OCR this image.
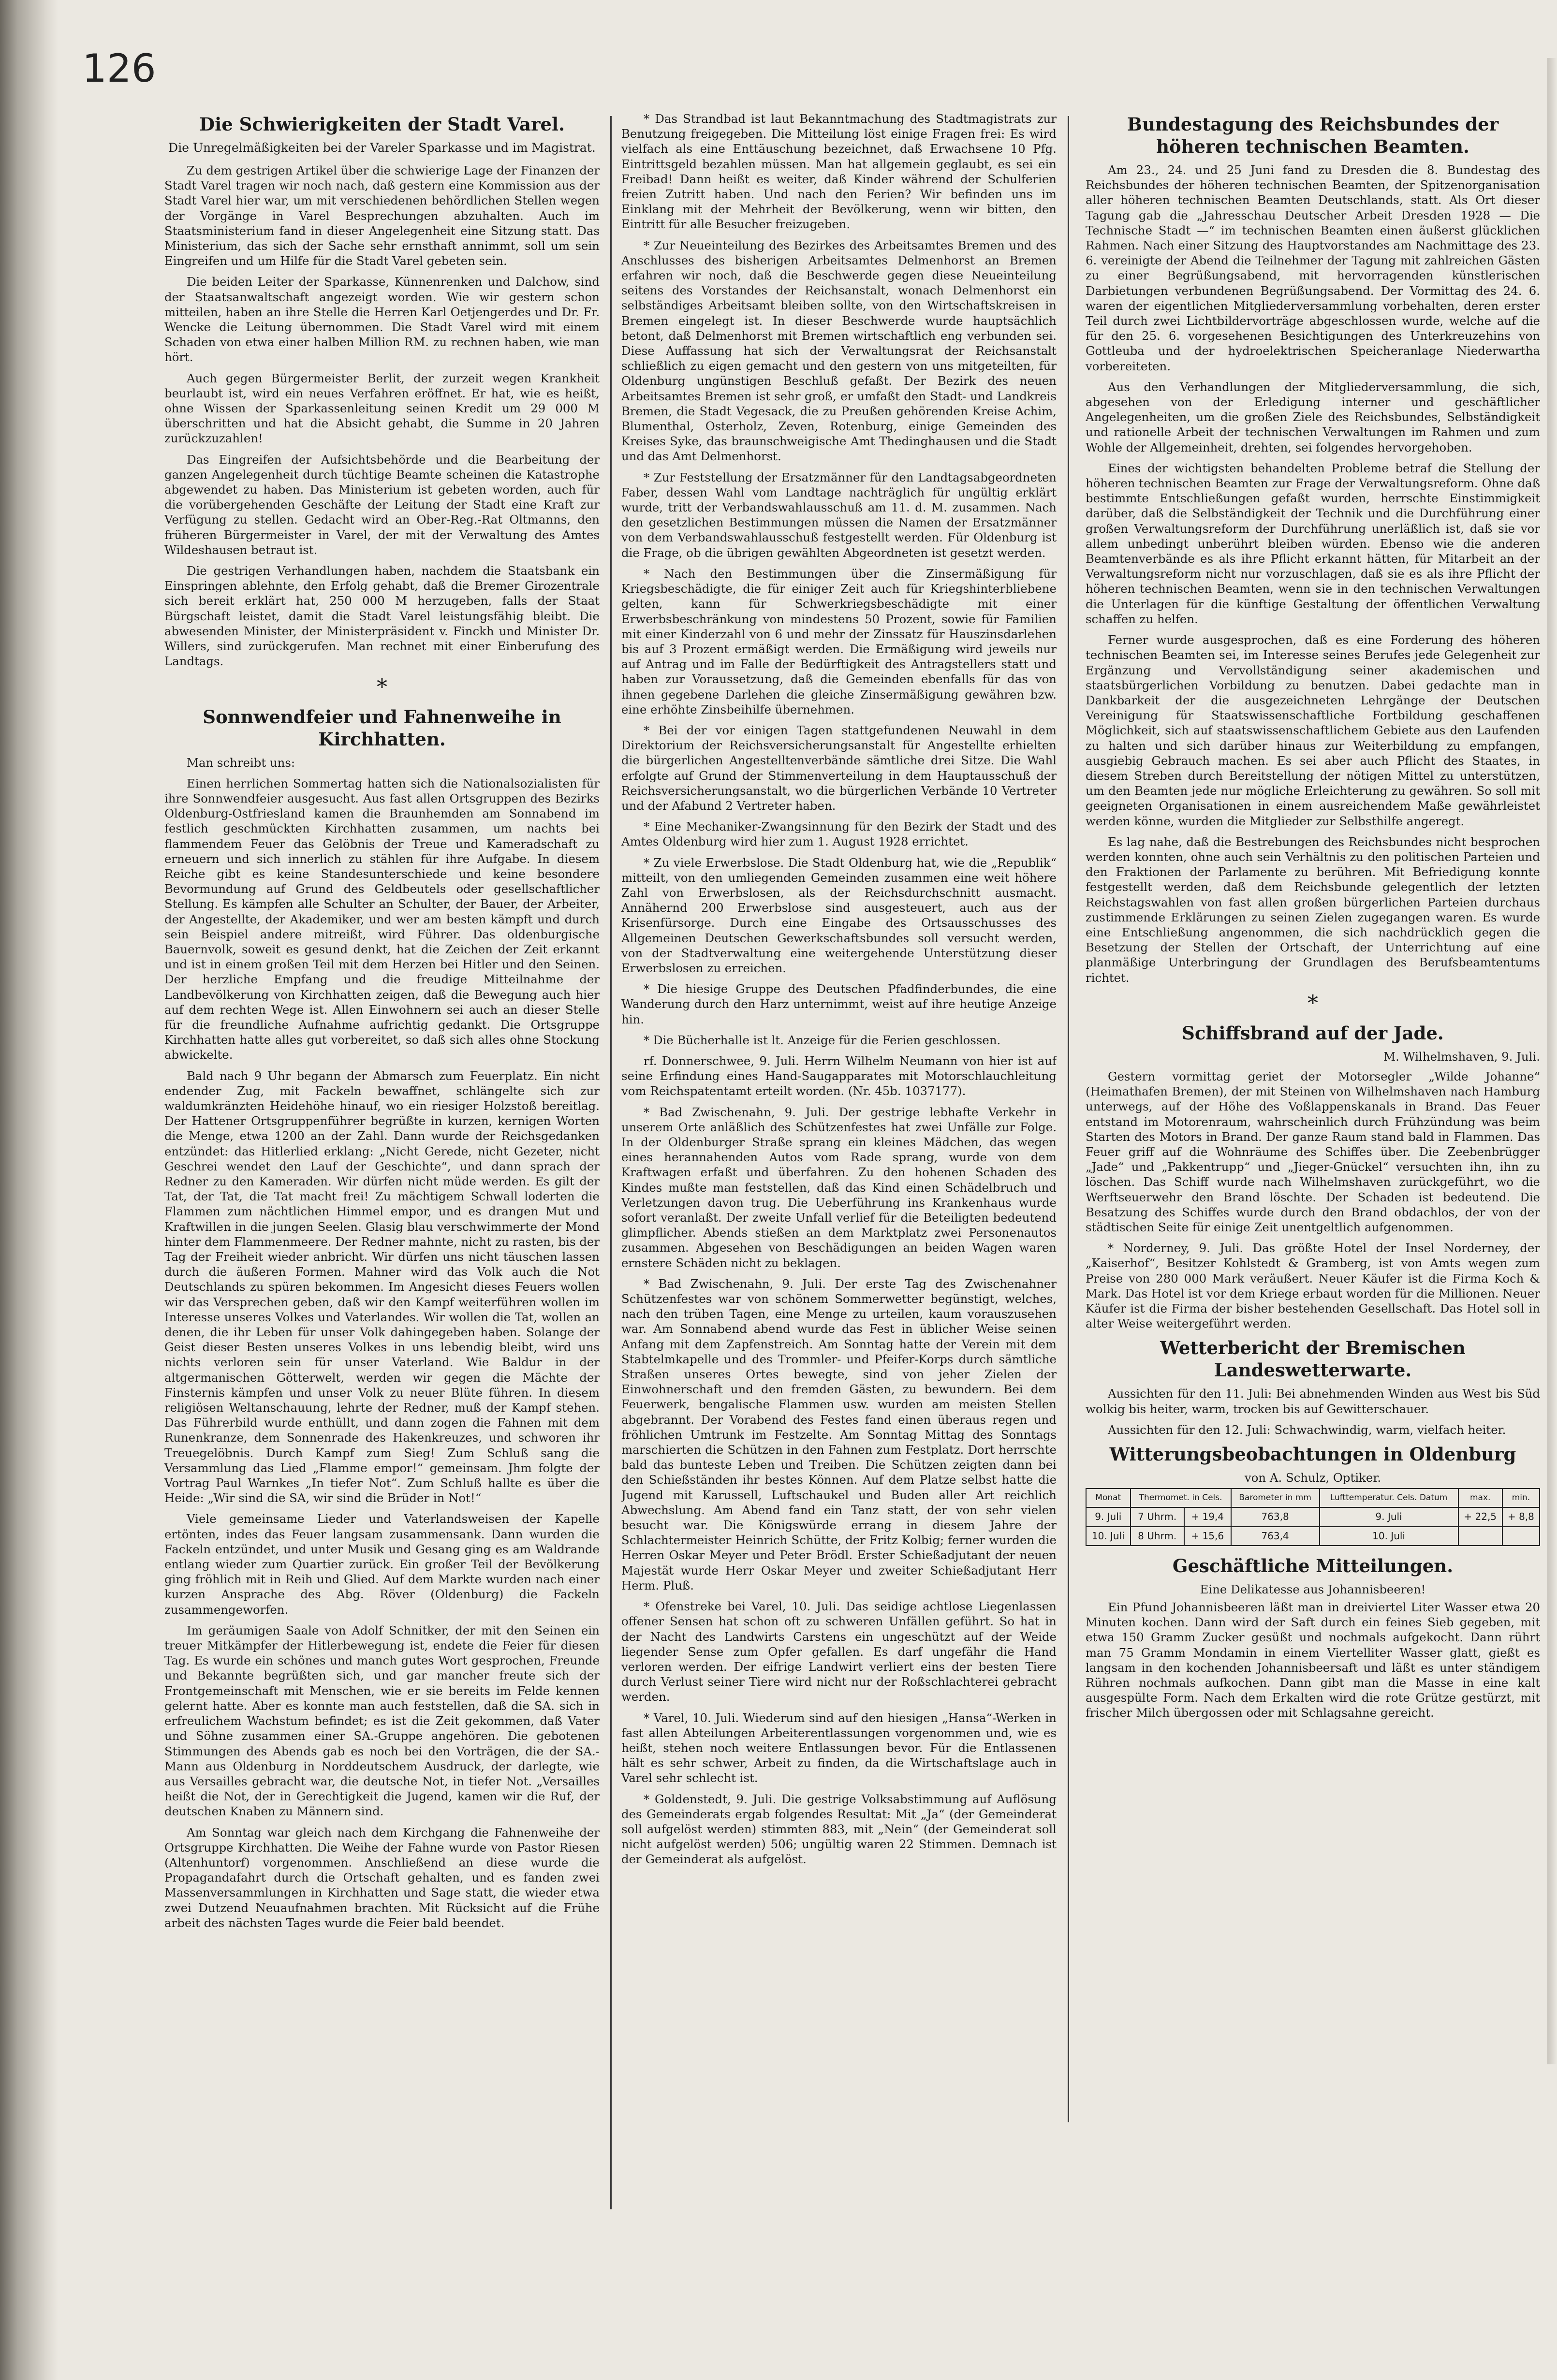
126
Die Schwierigkeiten der Stadt Varel.
Die Unregelmäßigkeiten bei der Vareler Sparkasse und im Magistrat.

Zu dem gestrigen Artikel über die schwierige Lage der Finanzen der Stadt Varel tragen wir noch nach, daß gestern eine Kommission aus der Stadt Varel hier war, um mit verschiedenen behördlichen Stellen wegen der Vorgänge in Varel Besprechungen abzuhalten. Auch im Staatsministerium fand in dieser Angelegenheit eine Sitzung statt. Das Ministerium, das sich der Sache sehr ernsthaft annimmt, soll um sein Eingreifen und um Hilfe für die Stadt Varel gebeten sein.

Die beiden Leiter der Sparkasse, Künnenrenken und Dalchow, sind der Staatsanwaltschaft angezeigt worden. Wie wir gestern schon mitteilen, haben an ihre Stelle die Herren Karl Oetjengerdes und Dr. Fr. Wencke die Leitung übernommen. Die Stadt Varel wird mit einem Schaden von etwa einer halben Million RM. zu rechnen haben, wie man hört.

Auch gegen Bürgermeister Berlit, der zurzeit wegen Krankheit beurlaubt ist, wird ein neues Verfahren eröffnet. Er hat, wie es heißt, ohne Wissen der Sparkassenleitung seinen Kredit um 29 000 M überschritten und hat die Absicht gehabt, die Summe in 20 Jahren zurückzuzahlen!

Das Eingreifen der Aufsichtsbehörde und die Bearbeitung der ganzen Angelegenheit durch tüchtige Beamte scheinen die Katastrophe abgewendet zu haben. Das Ministerium ist gebeten worden, auch für die vorübergehenden Geschäfte der Leitung der Stadt eine Kraft zur Verfügung zu stellen. Gedacht wird an Ober-Reg.-Rat Oltmanns, den früheren Bürgermeister in Varel, der mit der Verwaltung des Amtes Wildeshausen betraut ist.

Die gestrigen Verhandlungen haben, nachdem die Staatsbank ein Einspringen ablehnte, den Erfolg gehabt, daß die Bremer Girozentrale sich bereit erklärt hat, 250 000 M herzugeben, falls der Staat Bürgschaft leistet, damit die Stadt Varel leistungsfähig bleibt. Die abwesenden Minister, der Ministerpräsident v. Finckh und Minister Dr. Willers, sind zurückgerufen. Man rechnet mit einer Einberufung des Landtags.

*
Sonnwendfeier und Fahnenweihe in Kirchhatten.

Man schreibt uns:

Einen herrlichen Sommertag hatten sich die Nationalsozialisten für ihre Sonnwendfeier ausgesucht. Aus fast allen Ortsgruppen des Bezirks Oldenburg-Ostfriesland kamen die Braunhemden am Sonnabend im festlich geschmückten Kirchhatten zusammen, um nachts bei flammendem Feuer das Gelöbnis der Treue und Kameradschaft zu erneuern und sich innerlich zu stählen für ihre Aufgabe. In diesem Reiche gibt es keine Standesunterschiede und keine besondere Bevormundung auf Grund des Geldbeutels oder gesellschaftlicher Stellung. Es kämpfen alle Schulter an Schulter, der Bauer, der Arbeiter, der Angestellte, der Akademiker, und wer am besten kämpft und durch sein Beispiel andere mitreißt, wird Führer. Das oldenburgische Bauernvolk, soweit es gesund denkt, hat die Zeichen der Zeit erkannt und ist in einem großen Teil mit dem Herzen bei Hitler und den Seinen. Der herzliche Empfang und die freudige Mitteilnahme der Landbevölkerung von Kirchhatten zeigen, daß die Bewegung auch hier auf dem rechten Wege ist. Allen Einwohnern sei auch an dieser Stelle für die freundliche Aufnahme aufrichtig gedankt. Die Ortsgruppe Kirchhatten hatte alles gut vorbereitet, so daß sich alles ohne Stockung abwickelte.

Bald nach 9 Uhr begann der Abmarsch zum Feuerplatz. Ein nicht endender Zug, mit Fackeln bewaffnet, schlängelte sich zur waldumkränzten Heidehöhe hinauf, wo ein riesiger Holzstoß bereitlag. Der Hattener Ortsgruppenführer begrüßte in kurzen, kernigen Worten die Menge, etwa 1200 an der Zahl. Dann wurde der Reichsgedanken entzündet: das Hitlerlied erklang: „Nicht Gerede, nicht Gezeter, nicht Geschrei wendet den Lauf der Geschichte“, und dann sprach der Redner zu den Kameraden. Wir dürfen nicht müde werden. Es gilt der Tat, der Tat, die Tat macht frei! Zu mächtigem Schwall loderten die Flammen zum nächtlichen Himmel empor, und es drangen Mut und Kraftwillen in die jungen Seelen. Glasig blau verschwimmerte der Mond hinter dem Flammenmeere. Der Redner mahnte, nicht zu rasten, bis der Tag der Freiheit wieder anbricht. Wir dürfen uns nicht täuschen lassen durch die äußeren Formen. Mahner wird das Volk auch die Not Deutschlands zu spüren bekommen. Im Angesicht dieses Feuers wollen wir das Versprechen geben, daß wir den Kampf weiterführen wollen im Interesse unseres Volkes und Vaterlandes. Wir wollen die Tat, wollen an denen, die ihr Leben für unser Volk dahingegeben haben. Solange der Geist dieser Besten unseres Volkes in uns lebendig bleibt, wird uns nichts verloren sein für unser Vaterland. Wie Baldur in der altgermanischen Götterwelt, werden wir gegen die Mächte der Finsternis kämpfen und unser Volk zu neuer Blüte führen. In diesem religiösen Weltanschauung, lehrte der Redner, muß der Kampf stehen. Das Führerbild wurde enthüllt, und dann zogen die Fahnen mit dem Runenkranze, dem Sonnenrade des Hakenkreuzes, und schworen ihr Treuegelöbnis. Durch Kampf zum Sieg! Zum Schluß sang die Versammlung das Lied „Flamme empor!“ gemeinsam. Jhm folgte der Vortrag Paul Warnkes „In tiefer Not“. Zum Schluß hallte es über die Heide: „Wir sind die SA, wir sind die Brüder in Not!“

Viele gemeinsame Lieder und Vaterlandsweisen der Kapelle ertönten, indes das Feuer langsam zusammensank. Dann wurden die Fackeln entzündet, und unter Musik und Gesang ging es am Waldrande entlang wieder zum Quartier zurück. Ein großer Teil der Bevölkerung ging fröhlich mit in Reih und Glied. Auf dem Markte wurden nach einer kurzen Ansprache des Abg. Röver (Oldenburg) die Fackeln zusammengeworfen.

Im geräumigen Saale von Adolf Schnitker, der mit den Seinen ein treuer Mitkämpfer der Hitlerbewegung ist, endete die Feier für diesen Tag. Es wurde ein schönes und manch gutes Wort gesprochen, Freunde und Bekannte begrüßten sich, und gar mancher freute sich der Frontgemeinschaft mit Menschen, wie er sie bereits im Felde kennen gelernt hatte. Aber es konnte man auch feststellen, daß die SA. sich in erfreulichem Wachstum befindet; es ist die Zeit gekommen, daß Vater und Söhne zusammen einer SA.-Gruppe angehören. Die gebotenen Stimmungen des Abends gab es noch bei den Vorträgen, die der SA.-Mann aus Oldenburg in Norddeutschem Ausdruck, der darlegte, wie aus Versailles gebracht war, die deutsche Not, in tiefer Not. „Versailles heißt die Not, der in Gerechtigkeit die Jugend, kamen wir die Ruf, der deutschen Knaben zu Männern sind.

Am Sonntag war gleich nach dem Kirchgang die Fahnenweihe der Ortsgruppe Kirchhatten. Die Weihe der Fahne wurde von Pastor Riesen (Altenhuntorf) vorgenommen. Anschließend an diese wurde die Propagandafahrt durch die Ortschaft gehalten, und es fanden zwei Massenversammlungen in Kirchhatten und Sage statt, die wieder etwa zwei Dutzend Neuaufnahmen brachten. Mit Rücksicht auf die Frühe arbeit des nächsten Tages wurde die Feier bald beendet.

* Das Strandbad ist laut Bekanntmachung des Stadtmagistrats zur Benutzung freigegeben. Die Mitteilung löst einige Fragen frei: Es wird vielfach als eine Enttäuschung bezeichnet, daß Erwachsene 10 Pfg. Eintrittsgeld bezahlen müssen. Man hat allgemein geglaubt, es sei ein Freibad! Dann heißt es weiter, daß Kinder während der Schulferien freien Zutritt haben. Und nach den Ferien? Wir befinden uns im Einklang mit der Mehrheit der Bevölkerung, wenn wir bitten, den Eintritt für alle Besucher freizugeben.

* Zur Neueinteilung des Bezirkes des Arbeitsamtes Bremen und des Anschlusses des bisherigen Arbeitsamtes Delmenhorst an Bremen erfahren wir noch, daß die Beschwerde gegen diese Neueinteilung seitens des Vorstandes der Reichsanstalt, wonach Delmenhorst ein selbständiges Arbeitsamt bleiben sollte, von den Wirtschaftskreisen in Bremen eingelegt ist. In dieser Beschwerde wurde hauptsächlich betont, daß Delmenhorst mit Bremen wirtschaftlich eng verbunden sei. Diese Auffassung hat sich der Verwaltungsrat der Reichsanstalt schließlich zu eigen gemacht und den gestern von uns mitgeteilten, für Oldenburg ungünstigen Beschluß gefaßt. Der Bezirk des neuen Arbeitsamtes Bremen ist sehr groß, er umfaßt den Stadt- und Landkreis Bremen, die Stadt Vegesack, die zu Preußen gehörenden Kreise Achim, Blumenthal, Osterholz, Zeven, Rotenburg, einige Gemeinden des Kreises Syke, das braunschweigische Amt Thedinghausen und die Stadt und das Amt Delmenhorst.

* Zur Feststellung der Ersatzmänner für den Landtagsabgeordneten Faber, dessen Wahl vom Landtage nachträglich für ungültig erklärt wurde, tritt der Verbandswahlausschuß am 11. d. M. zusammen. Nach den gesetzlichen Bestimmungen müssen die Namen der Ersatzmänner von dem Verbandswahlausschuß festgestellt werden. Für Oldenburg ist die Frage, ob die übrigen gewählten Abgeordneten ist gesetzt werden.

* Nach den Bestimmungen über die Zinsermäßigung für Kriegsbeschädigte, die für einiger Zeit auch für Kriegshinterbliebene gelten, kann für Schwerkriegsbeschädigte mit einer Erwerbsbeschränkung von mindestens 50 Prozent, sowie für Familien mit einer Kinderzahl von 6 und mehr der Zinssatz für Hauszinsdarlehen bis auf 3 Prozent ermäßigt werden. Die Ermäßigung wird jeweils nur auf Antrag und im Falle der Bedürftigkeit des Antragstellers statt und haben zur Voraussetzung, daß die Gemeinden ebenfalls für das von ihnen gegebene Darlehen die gleiche Zinsermäßigung gewähren bzw. eine erhöhte Zinsbeihilfe übernehmen.

* Bei der vor einigen Tagen stattgefundenen Neuwahl in dem Direktorium der Reichsversicherungsanstalt für Angestellte erhielten die bürgerlichen Angestelltenverbände sämtliche drei Sitze. Die Wahl erfolgte auf Grund der Stimmenverteilung in dem Hauptausschuß der Reichsversicherungsanstalt, wo die bürgerlichen Verbände 10 Vertreter und der Afabund 2 Vertreter haben.

* Eine Mechaniker-Zwangsinnung für den Bezirk der Stadt und des Amtes Oldenburg wird hier zum 1. August 1928 errichtet.

* Zu viele Erwerbslose. Die Stadt Oldenburg hat, wie die „Republik“ mitteilt, von den umliegenden Gemeinden zusammen eine weit höhere Zahl von Erwerbslosen, als der Reichsdurchschnitt ausmacht. Annähernd 200 Erwerbslose sind ausgesteuert, auch aus der Krisenfürsorge. Durch eine Eingabe des Ortsausschusses des Allgemeinen Deutschen Gewerkschaftsbundes soll versucht werden, von der Stadtverwaltung eine weitergehende Unterstützung dieser Erwerbslosen zu erreichen.

* Die hiesige Gruppe des Deutschen Pfadfinderbundes, die eine Wanderung durch den Harz unternimmt, weist auf ihre heutige Anzeige hin.

* Die Bücherhalle ist lt. Anzeige für die Ferien geschlossen.

rf. Donnerschwee, 9. Juli. Herrn Wilhelm Neumann von hier ist auf seine Erfindung eines Hand-Saugapparates mit Motorschlauchleitung vom Reichspatentamt erteilt worden. (Nr. 45b. 1037177).

* Bad Zwischenahn, 9. Juli. Der gestrige lebhafte Verkehr in unserem Orte anläßlich des Schützenfestes hat zwei Unfälle zur Folge. In der Oldenburger Straße sprang ein kleines Mädchen, das wegen eines herannahenden Autos vom Rade sprang, wurde von dem Kraftwagen erfaßt und überfahren. Zu den hohenen Schaden des Kindes mußte man feststellen, daß das Kind einen Schädelbruch und Verletzungen davon trug. Die Ueberführung ins Krankenhaus wurde sofort veranlaßt. Der zweite Unfall verlief für die Beteiligten bedeutend glimpflicher. Abends stießen an dem Marktplatz zwei Personenautos zusammen. Abgesehen von Beschädigungen an beiden Wagen waren ernstere Schäden nicht zu beklagen.

* Bad Zwischenahn, 9. Juli. Der erste Tag des Zwischenahner Schützenfestes war von schönem Sommerwetter begünstigt, welches, nach den trüben Tagen, eine Menge zu urteilen, kaum vorauszusehen war. Am Sonnabend abend wurde das Fest in üblicher Weise seinen Anfang mit dem Zapfenstreich. Am Sonntag hatte der Verein mit dem Stabtelmkapelle und des Trommler- und Pfeifer-Korps durch sämtliche Straßen unseres Ortes bewegte, sind von jeher Zielen der Einwohnerschaft und den fremden Gästen, zu bewundern. Bei dem Feuerwerk, bengalische Flammen usw. wurden am meisten Stellen abgebrannt. Der Vorabend des Festes fand einen überaus regen und fröhlichen Umtrunk im Festzelte. Am Sonntag Mittag des Sonntags marschierten die Schützen in den Fahnen zum Festplatz. Dort herrschte bald das bunteste Leben und Treiben. Die Schützen zeigten dann bei den Schießständen ihr bestes Können. Auf dem Platze selbst hatte die Jugend mit Karussell, Luftschaukel und Buden aller Art reichlich Abwechslung. Am Abend fand ein Tanz statt, der von sehr vielen besucht war. Die Königswürde errang in diesem Jahre der Schlachtermeister Heinrich Schütte, der Fritz Kolbig; ferner wurden die Herren Oskar Meyer und Peter Brödl. Erster Schießadjutant der neuen Majestät wurde Herr Oskar Meyer und zweiter Schießadjutant Herr Herm. Pluß.

* Ofenstreke bei Varel, 10. Juli. Das seidige achtlose Liegenlassen offener Sensen hat schon oft zu schweren Unfällen geführt. So hat in der Nacht des Landwirts Carstens ein ungeschützt auf der Weide liegender Sense zum Opfer gefallen. Es darf ungefähr die Hand verloren werden. Der eifrige Landwirt verliert eins der besten Tiere durch Verlust seiner Tiere wird nicht nur der Roßschlachterei gebracht werden.

* Varel, 10. Juli. Wiederum sind auf den hiesigen „Hansa“-Werken in fast allen Abteilungen Arbeiterentlassungen vorgenommen und, wie es heißt, stehen noch weitere Entlassungen bevor. Für die Entlassenen hält es sehr schwer, Arbeit zu finden, da die Wirtschaftslage auch in Varel sehr schlecht ist.

* Goldenstedt, 9. Juli. Die gestrige Volksabstimmung auf Auflösung des Gemeinderats ergab folgendes Resultat: Mit „Ja“ (der Gemeinderat soll aufgelöst werden) stimmten 883, mit „Nein“ (der Gemeinderat soll nicht aufgelöst werden) 506; ungültig waren 22 Stimmen. Demnach ist der Gemeinderat als aufgelöst.

Bundestagung des Reichsbundes der höheren technischen Beamten.

Am 23., 24. und 25 Juni fand zu Dresden die 8. Bundestag des Reichsbundes der höheren technischen Beamten, der Spitzenorganisation aller höheren technischen Beamten Deutschlands, statt. Als Ort dieser Tagung gab die „Jahresschau Deutscher Arbeit Dresden 1928 — Die Technische Stadt —“ im technischen Beamten einen äußerst glücklichen Rahmen. Nach einer Sitzung des Hauptvorstandes am Nachmittage des 23. 6. vereinigte der Abend die Teilnehmer der Tagung mit zahlreichen Gästen zu einer Begrüßungsabend, mit hervorragenden künstlerischen Darbietungen verbundenen Begrüßungsabend. Der Vormittag des 24. 6. waren der eigentlichen Mitgliederversammlung vorbehalten, deren erster Teil durch zwei Lichtbildervorträge abgeschlossen wurde, welche auf die für den 25. 6. vorgesehenen Besichtigungen des Unterkreuzehins von Gottleuba und der hydroelektrischen Speicheranlage Niederwartha vorbereiteten.

Aus den Verhandlungen der Mitgliederversammlung, die sich, abgesehen von der Erledigung interner und geschäftlicher Angelegenheiten, um die großen Ziele des Reichsbundes, Selbständigkeit und rationelle Arbeit der technischen Verwaltungen im Rahmen und zum Wohle der Allgemeinheit, drehten, sei folgendes hervorgehoben.

Eines der wichtigsten behandelten Probleme betraf die Stellung der höheren technischen Beamten zur Frage der Verwaltungsreform. Ohne daß bestimmte Entschließungen gefaßt wurden, herrschte Einstimmigkeit darüber, daß die Selbständigkeit der Technik und die Durchführung einer großen Verwaltungsreform der Durchführung unerläßlich ist, daß sie vor allem unbedingt unberührt bleiben würden. Ebenso wie die anderen Beamtenverbände es als ihre Pflicht erkannt hätten, für Mitarbeit an der Verwaltungsreform nicht nur vorzuschlagen, daß sie es als ihre Pflicht der höheren technischen Beamten, wenn sie in den technischen Verwaltungen die Unterlagen für die künftige Gestaltung der öffentlichen Verwaltung schaffen zu helfen.

Ferner wurde ausgesprochen, daß es eine Forderung des höheren technischen Beamten sei, im Interesse seines Berufes jede Gelegenheit zur Ergänzung und Vervollständigung seiner akademischen und staatsbürgerlichen Vorbildung zu benutzen. Dabei gedachte man in Dankbarkeit der die ausgezeichneten Lehrgänge der Deutschen Vereinigung für Staatswissenschaftliche Fortbildung geschaffenen Möglichkeit, sich auf staatswissenschaftlichem Gebiete aus den Laufenden zu halten und sich darüber hinaus zur Weiterbildung zu empfangen, ausgiebig Gebrauch machen. Es sei aber auch Pflicht des Staates, in diesem Streben durch Bereitstellung der nötigen Mittel zu unterstützen, um den Beamten jede nur mögliche Erleichterung zu gewähren. So soll mit geeigneten Organisationen in einem ausreichendem Maße gewährleistet werden könne, wurden die Mitglieder zur Selbsthilfe angeregt.

Es lag nahe, daß die Bestrebungen des Reichsbundes nicht besprochen werden konnten, ohne auch sein Verhältnis zu den politischen Parteien und den Fraktionen der Parlamente zu berühren. Mit Befriedigung konnte festgestellt werden, daß dem Reichsbunde gelegentlich der letzten Reichstagswahlen von fast allen großen bürgerlichen Parteien durchaus zustimmende Erklärungen zu seinen Zielen zugegangen waren. Es wurde eine Entschließung angenommen, die sich nachdrücklich gegen die Besetzung der Stellen der Ortschaft, der Unterrichtung auf eine planmäßige Unterbringung der Grundlagen des Berufsbeamtentums richtet.

*
Schiffsbrand auf der Jade.

M. Wilhelmshaven, 9. Juli.

Gestern vormittag geriet der Motorsegler „Wilde Johanne“ (Heimathafen Bremen), der mit Steinen von Wilhelmshaven nach Hamburg unterwegs, auf der Höhe des Voßlappenskanals in Brand. Das Feuer entstand im Motorenraum, wahrscheinlich durch Frühzündung was beim Starten des Motors in Brand. Der ganze Raum stand bald in Flammen. Das Feuer griff auf die Wohnräume des Schiffes über. Die Zeebenbrügger „Jade“ und „Pakkentrupp“ und „Jieger-Gnückel“ versuchten ihn, ihn zu löschen. Das Schiff wurde nach Wilhelmshaven zurückgeführt, wo die Werftseuerwehr den Brand löschte. Der Schaden ist bedeutend. Die Besatzung des Schiffes wurde durch den Brand obdachlos, der von der städtischen Seite für einige Zeit unentgeltlich aufgenommen.

* Norderney, 9. Juli. Das größte Hotel der Insel Norderney, der „Kaiserhof“, Besitzer Kohlstedt & Gramberg, ist von Amts wegen zum Preise von 280 000 Mark veräußert. Neuer Käufer ist die Firma Koch & Mark. Das Hotel ist vor dem Kriege erbaut worden für die Millionen. Neuer Käufer ist die Firma der bisher bestehenden Gesellschaft. Das Hotel soll in alter Weise weitergeführt werden.

Wetterbericht der Bremischen Landeswetterwarte.

Aussichten für den 11. Juli: Bei abnehmenden Winden aus West bis Süd wolkig bis heiter, warm, trocken bis auf Gewitterschauer.

Aussichten für den 12. Juli: Schwachwindig, warm, vielfach heiter.

Witterungsbeobachtungen in Oldenburg

von A. Schulz, Optiker.

Monat	Thermomet. in Cels.		Barometer in mm	Lufttemperatur. Cels. Datum	max.	min.
9. Juli	7 Uhrm.	+ 19,4	763,8	9. Juli	+ 22,5	+ 8,8
10. Juli	8 Uhrm.	+ 15,6	763,4	10. Juli		
Geschäftliche Mitteilungen.

Eine Delikatesse aus Johannisbeeren!

Ein Pfund Johannisbeeren läßt man in dreiviertel Liter Wasser etwa 20 Minuten kochen. Dann wird der Saft durch ein feines Sieb gegeben, mit etwa 150 Gramm Zucker gesüßt und nochmals aufgekocht. Dann rührt man 75 Gramm Mondamin in einem Viertelliter Wasser glatt, gießt es langsam in den kochenden Johannisbeersaft und läßt es unter ständigem Rühren nochmals aufkochen. Dann gibt man die Masse in eine kalt ausgespülte Form. Nach dem Erkalten wird die rote Grütze gestürzt, mit frischer Milch übergossen oder mit Schlagsahne gereicht.
